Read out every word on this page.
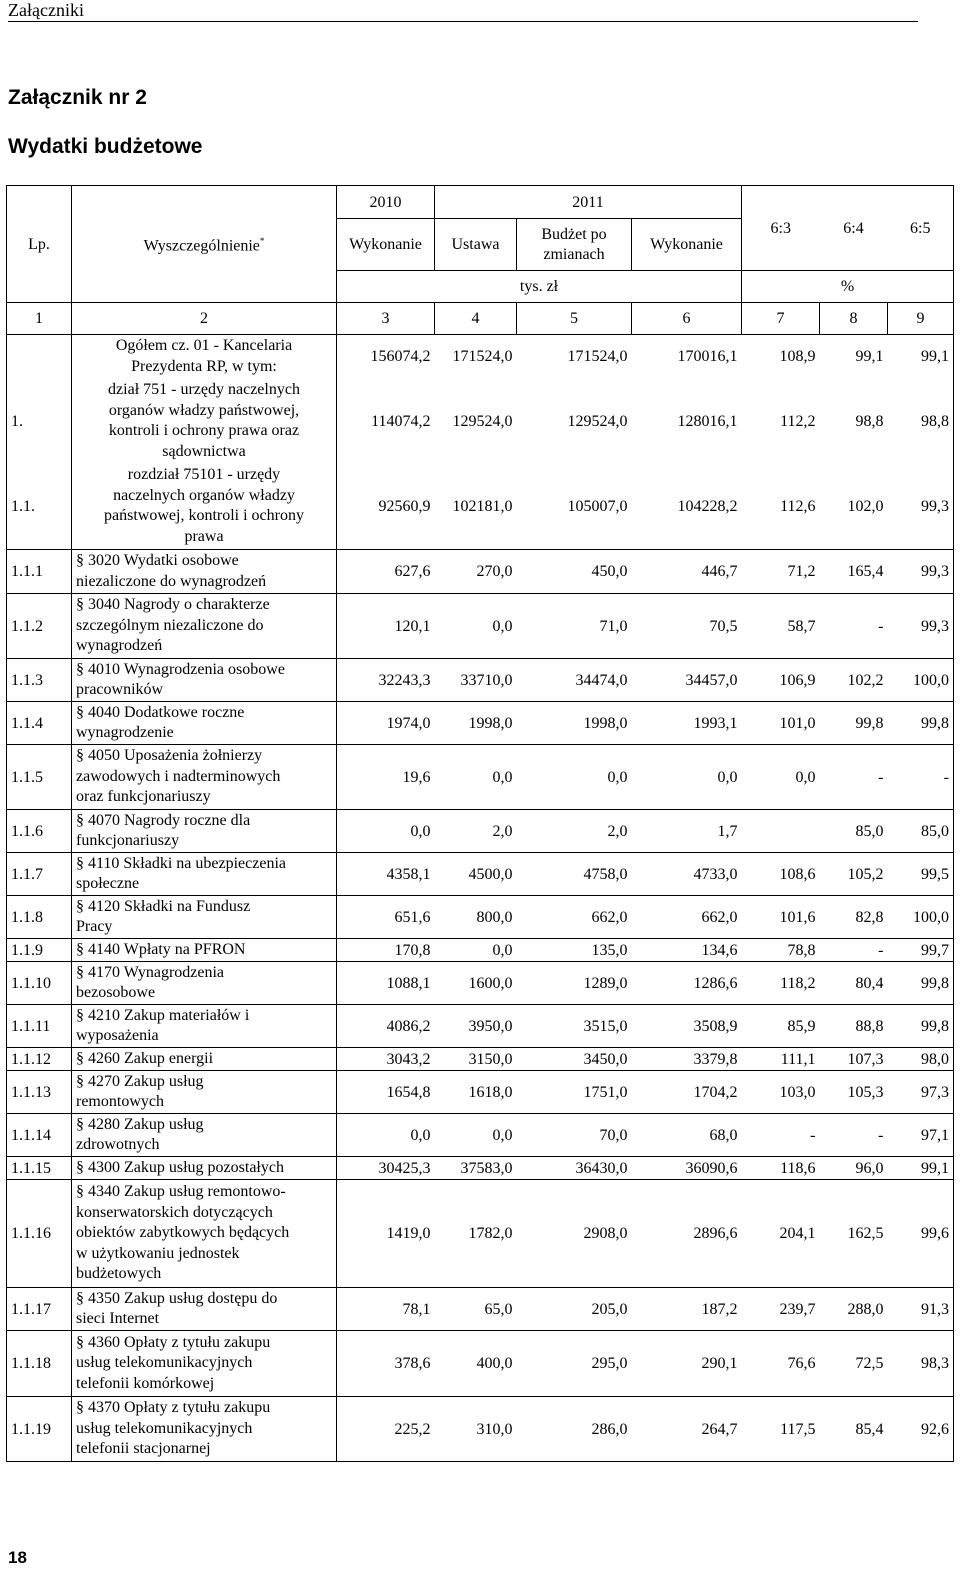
Załączniki
Załącznik nr 2
Wydatki budżetowe
Lp.	Wyszczególnienie*	2010	2011			6:3	6:4	6:5
		Wykonanie	Ustawa	Budżet po
zmianach	Wykonanie			
		tys. zł				%		
1	2	3	4	5	6	7	8	9

	Ogółem cz. 01 - Kancelaria
Prezydenta RP, w tym:	156074,2	171524,0	171524,0	170016,1	108,9	99,1	99,1
1.	dział 751 - urzędy naczelnych
organów władzy państwowej,
kontroli i ochrony prawa oraz
sądownictwa	114074,2	129524,0	129524,0	128016,1	112,2	98,8	98,8
1.1.	rozdział 75101 - urzędy
naczelnych organów władzy
państwowej, kontroli i ochrony
prawa	92560,9	102181,0	105007,0	104228,2	112,6	102,0	99,3
1.1.1	§ 3020 Wydatki osobowe
niezaliczone do wynagrodzeń	627,6	270,0	450,0	446,7	71,2	165,4	99,3
1.1.2	§ 3040 Nagrody o charakterze
szczególnym niezaliczone do
wynagrodzeń	120,1	0,0	71,0	70,5	58,7	-	99,3
1.1.3	§ 4010 Wynagrodzenia osobowe
pracowników	32243,3	33710,0	34474,0	34457,0	106,9	102,2	100,0
1.1.4	§ 4040 Dodatkowe roczne
wynagrodzenie	1974,0	1998,0	1998,0	1993,1	101,0	99,8	99,8
1.1.5	§ 4050 Uposażenia żołnierzy
zawodowych i nadterminowych
oraz funkcjonariuszy	19,6	0,0	0,0	0,0	0,0	-	-
1.1.6	§ 4070 Nagrody roczne dla
funkcjonariuszy	0,0	2,0	2,0	1,7		85,0	85,0
1.1.7	§ 4110 Składki na ubezpieczenia
społeczne	4358,1	4500,0	4758,0	4733,0	108,6	105,2	99,5
1.1.8	§ 4120 Składki na Fundusz
Pracy	651,6	800,0	662,0	662,0	101,6	82,8	100,0
1.1.9	§ 4140 Wpłaty na PFRON	170,8	0,0	135,0	134,6	78,8	-	99,7
1.1.10	§ 4170 Wynagrodzenia
bezosobowe	1088,1	1600,0	1289,0	1286,6	118,2	80,4	99,8
1.1.11	§ 4210 Zakup materiałów i
wyposażenia	4086,2	3950,0	3515,0	3508,9	85,9	88,8	99,8
1.1.12	§ 4260 Zakup energii	3043,2	3150,0	3450,0	3379,8	111,1	107,3	98,0
1.1.13	§ 4270 Zakup usług
remontowych	1654,8	1618,0	1751,0	1704,2	103,0	105,3	97,3
1.1.14	§ 4280 Zakup usług
zdrowotnych	0,0	0,0	70,0	68,0	-	-	97,1
1.1.15	§ 4300 Zakup usług pozostałych	30425,3	37583,0	36430,0	36090,6	118,6	96,0	99,1
1.1.16	§ 4340 Zakup usług remontowo-
konserwatorskich dotyczących
obiektów zabytkowych będących
w użytkowaniu jednostek
budżetowych	1419,0	1782,0	2908,0	2896,6	204,1	162,5	99,6
1.1.17	§ 4350 Zakup usług dostępu do
sieci Internet	78,1	65,0	205,0	187,2	239,7	288,0	91,3
1.1.18	§ 4360 Opłaty z tytułu zakupu
usług telekomunikacyjnych
telefonii komórkowej	378,6	400,0	295,0	290,1	76,6	72,5	98,3
1.1.19	§ 4370 Opłaty z tytułu zakupu
usług telekomunikacyjnych
telefonii stacjonarnej	225,2	310,0	286,0	264,7	117,5	85,4	92,6
18
